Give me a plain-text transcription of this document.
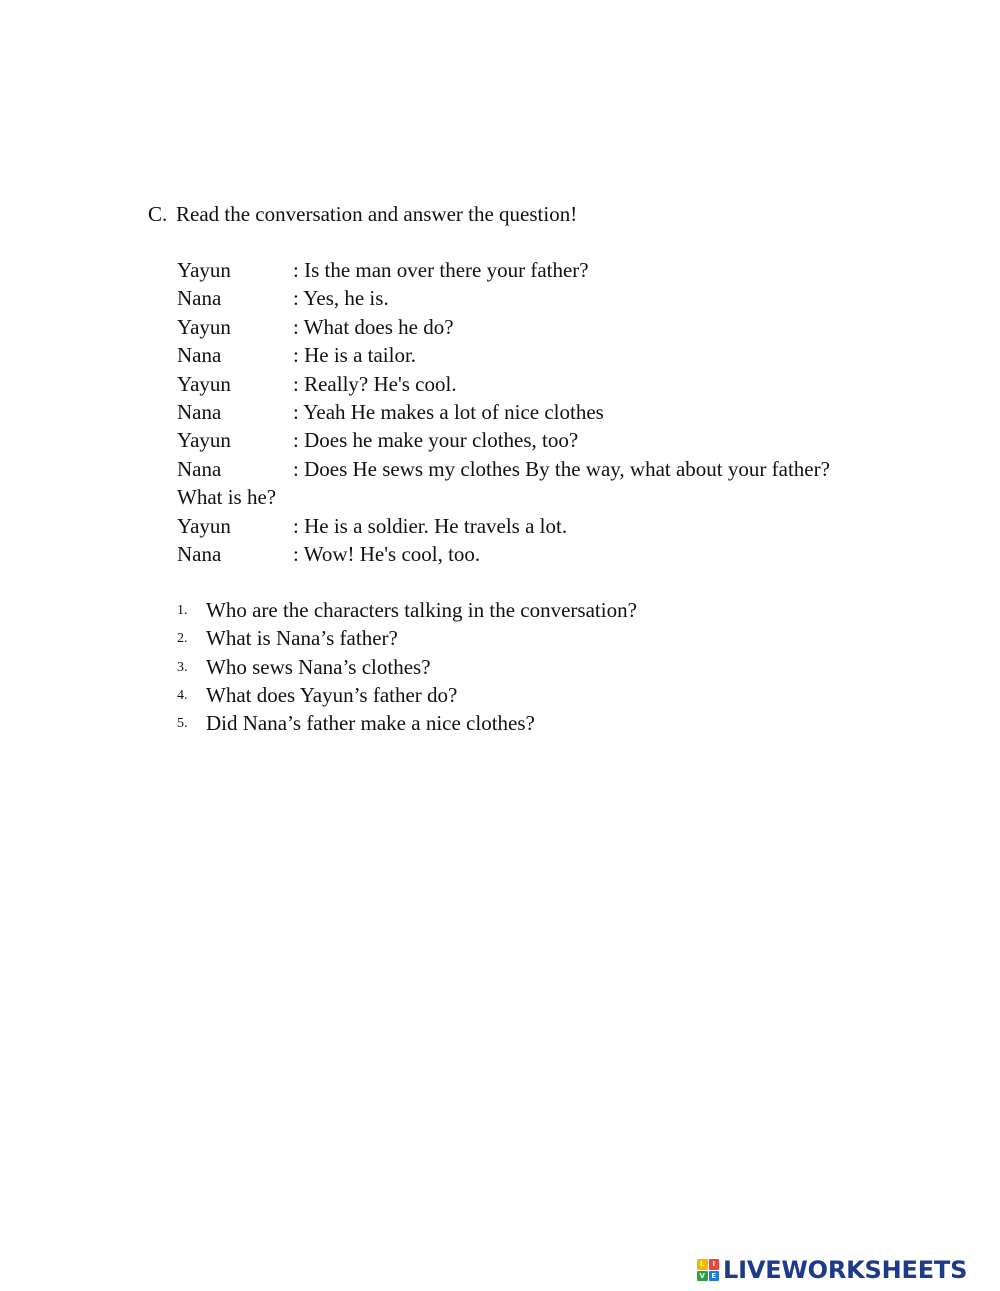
C. Read the conversation and answer the question!
Yayun	: Is the man over there your father?
Nana	: Yes, he is.
Yayun	: What does he do?
Nana	: He is a tailor.
Yayun	: Really? He's cool.
Nana	: Yeah He makes a lot of nice clothes
Yayun	: Does he make your clothes, too?
Nana	: Does He sews my clothes By the way, what about your father?
What is he?
Yayun	: He is a soldier. He travels a lot.
Nana	: Wow! He's cool, too.
1. Who are the characters talking in the conversation?
2. What is Nana’s father?
3. Who sews Nana’s clothes?
4. What does Yayun’s father do?
5. Did Nana’s father make a nice clothes?
L	I
V E LIVEWORKSHEETS
